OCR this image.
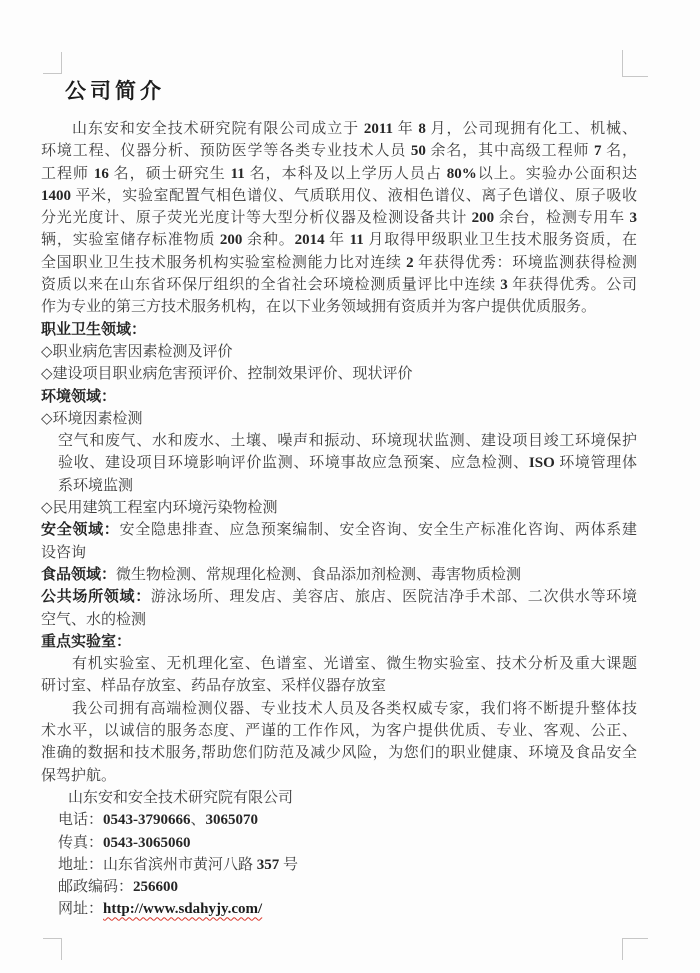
公司简介
山东安和安全技术研究院有限公司成立于 2011 年 8 月，公司现拥有化工、机械、
环境工程、仪器分析、预防医学等各类专业技术人员 50 余名，其中高级工程师 7 名，
工程师 16 名，硕士研究生 11 名，本科及以上学历人员占 80%以上。实验办公面积达
1400 平米，实验室配置气相色谱仪、气质联用仪、液相色谱仪、离子色谱仪、原子吸收
分光光度计、原子荧光光度计等大型分析仪器及检测设备共计 200 余台，检测专用车 3
辆，实验室储存标准物质 200 余种。2014 年 11 月取得甲级职业卫生技术服务资质，在
全国职业卫生技术服务机构实验室检测能力比对连续 2 年获得优秀：环境监测获得检测
资质以来在山东省环保厅组织的全省社会环境检测质量评比中连续 3 年获得优秀。公司
作为专业的第三方技术服务机构，在以下业务领域拥有资质并为客户提供优质服务。
职业卫生领域：
◇职业病危害因素检测及评价
◇建设项目职业病危害预评价、控制效果评价、现状评价
环境领域：
◇环境因素检测
空气和废气、水和废水、土壤、噪声和振动、环境现状监测、建设项目竣工环境保护
验收、建设项目环境影响评价监测、环境事故应急预案、应急检测、ISO 环境管理体
系环境监测
◇民用建筑工程室内环境污染物检测
安全领域：安全隐患排查、应急预案编制、安全咨询、安全生产标准化咨询、两体系建
设咨询
食品领域：微生物检测、常规理化检测、食品添加剂检测、毒害物质检测
公共场所领域：游泳场所、理发店、美容店、旅店、医院洁净手术部、二次供水等环境
空气、水的检测
重点实验室：
有机实验室、无机理化室、色谱室、光谱室、微生物实验室、技术分析及重大课题
研讨室、样品存放室、药品存放室、采样仪器存放室
我公司拥有高端检测仪器、专业技术人员及各类权威专家，我们将不断提升整体技
术水平，以诚信的服务态度、严谨的工作作风，为客户提供优质、专业、客观、公正、
准确的数据和技术服务,帮助您们防范及减少风险，为您们的职业健康、环境及食品安全
保驾护航。
山东安和安全技术研究院有限公司
电话：0543-3790666、3065070
传真：0543-3065060
地址：山东省滨州市黄河八路 357 号
邮政编码：256600
网址：http://www.sdahyjy.com/
